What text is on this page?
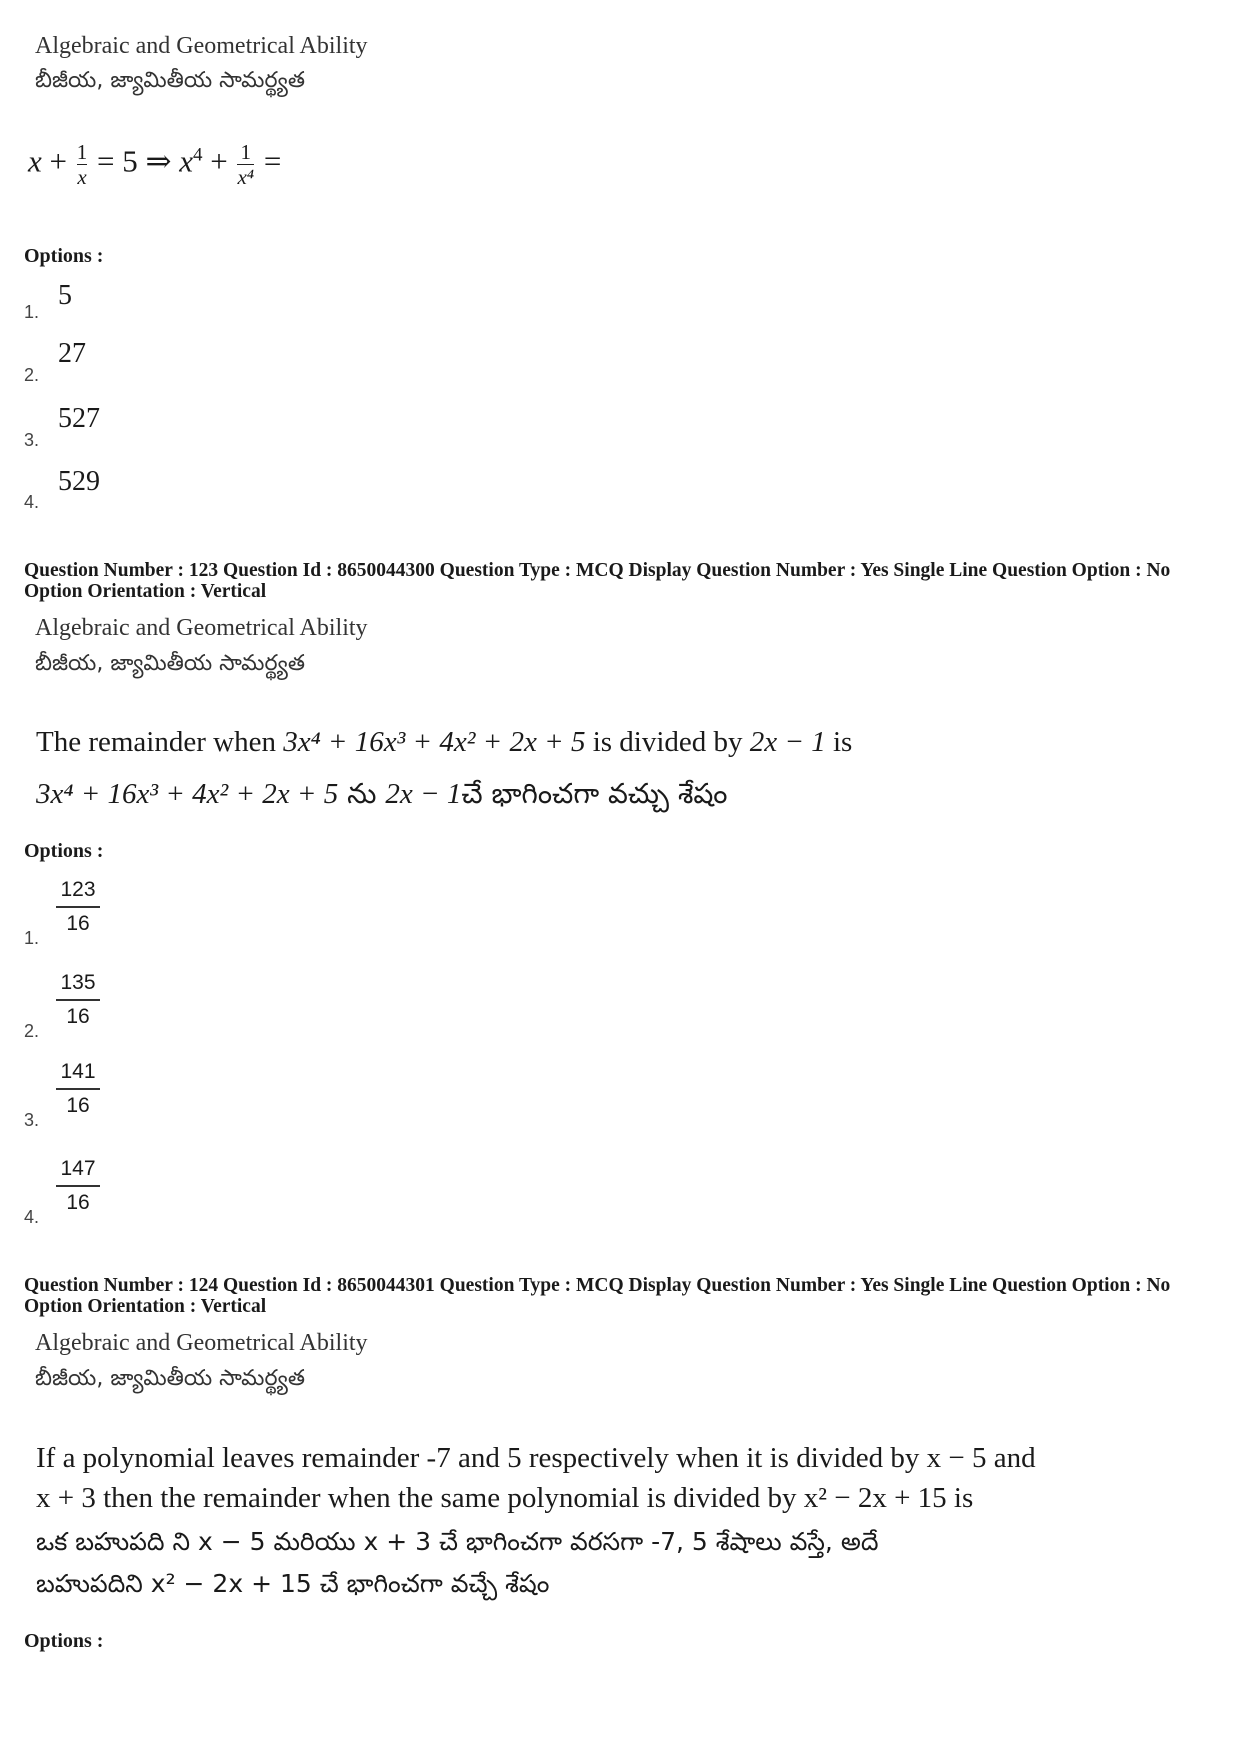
Algebraic and Geometrical Ability
బీజీయ, జ్యామితీయ సామర్థ్యత
$x + \frac{1}{x} = 5$ ⇒ $x^4 + \frac{1}{\text{x⁴}}$ =
Options :
1.
5
2.
27
3.
527
4.
529
Question Number : 123 Question Id : 8650044300 Question Type : MCQ Display Question Number : Yes Single Line Question Option : No Option Orientation : Vertical
Algebraic and Geometrical Ability
బీజీయ, జ్యామితీయ సామర్థ్యత
The remainder when 3x⁴ + 16x³ + 4x² + 2x + 5 is divided by 2x − 1 is
3x⁴ + 16x³ + 4x² + 2x + 5 ను 2x − 1చే భాగించగా వచ్చు శేషం
Options :
1.
$\frac{123}{16}$
2.
$\frac{135}{16}$
3.
$\frac{141}{16}$
4.
$\frac{147}{16}$
Question Number : 124 Question Id : 8650044301 Question Type : MCQ Display Question Number : Yes Single Line Question Option : No Option Orientation : Vertical
Algebraic and Geometrical Ability
బీజీయ, జ్యామితీయ సామర్థ్యత
If a polynomial leaves remainder -7 and 5 respectively when it is divided by x − 5 and
x + 3 then the remainder when the same polynomial is divided by x² − 2x + 15 is
ఒక బహుపది ని x − 5 మరియు x + 3 చే భాగించగా వరసగా -7, 5 శేషాలు వస్తే, అదే
బహుపదిని x² − 2x + 15 చే భాగించగా వచ్చే శేషం
Options :
